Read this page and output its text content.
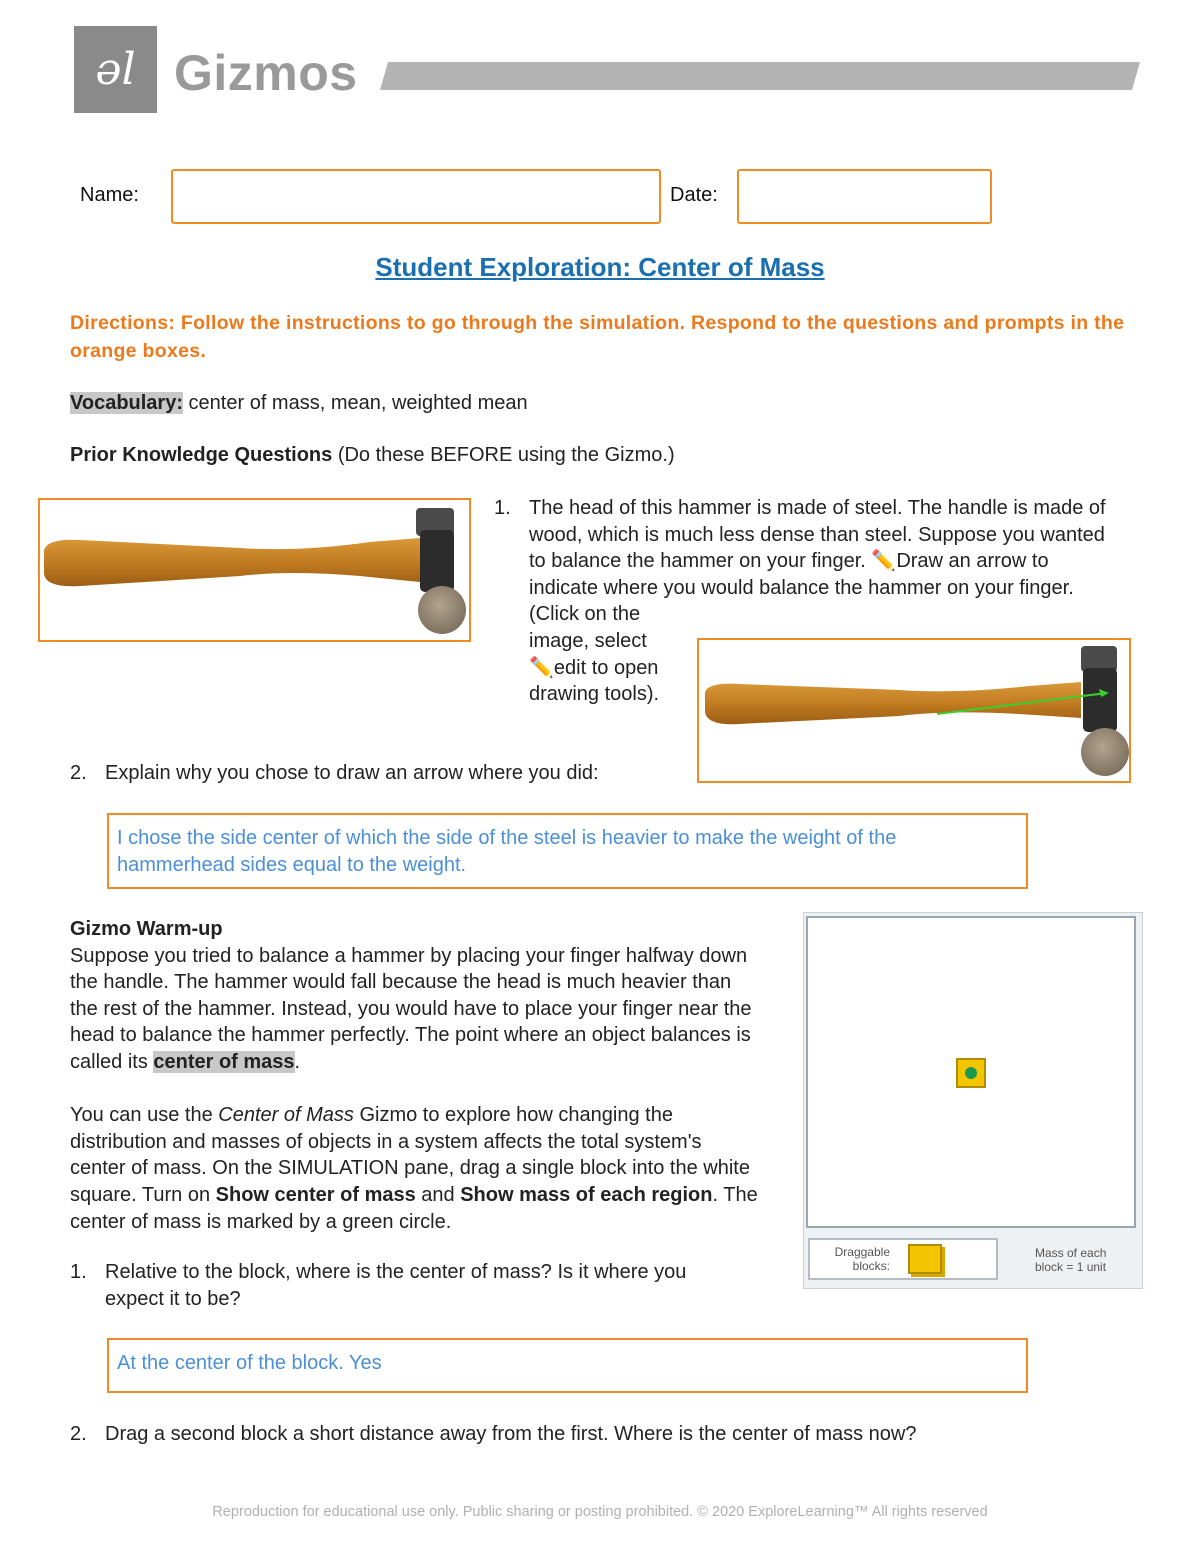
ǝl Gizmos
Name:	Date:
Student Exploration: Center of Mass
Directions: Follow the instructions to go through the simulation. Respond to the questions and prompts in the orange boxes.
Vocabulary: center of mass, mean, weighted mean
Prior Knowledge Questions (Do these BEFORE using the Gizmo.)
1. The head of this hammer is made of steel. The handle is made of wood, which is much less dense than steel. Suppose you wanted to balance the hammer on your finger. ✏️Draw an arrow to indicate where you would balance the hammer on your finger.
(Click on the image, select ✏️edit to open drawing tools).
2. Explain why you chose to draw an arrow where you did:
I chose the side center of which the side of the steel is heavier to make the weight of the hammerhead sides equal to the weight.
Gizmo Warm-up
Suppose you tried to balance a hammer by placing your finger halfway down the handle. The hammer would fall because the head is much heavier than the rest of the hammer. Instead, you would have to place your finger near the head to balance the hammer perfectly. The point where an object balances is called its center of mass.
You can use the Center of Mass Gizmo to explore how changing the distribution and masses of objects in a system affects the total system's center of mass. On the SIMULATION pane, drag a single block into the white square. Turn on Show center of mass and Show mass of each region. The center of mass is marked by a green circle.
Draggable blocks:
Mass of each block = 1 unit
1. Relative to the block, where is the center of mass? Is it where you expect it to be?
At the center of the block. Yes
2. Drag a second block a short distance away from the first. Where is the center of mass now?
Reproduction for educational use only. Public sharing or posting prohibited. © 2020 ExploreLearning™ All rights reserved
